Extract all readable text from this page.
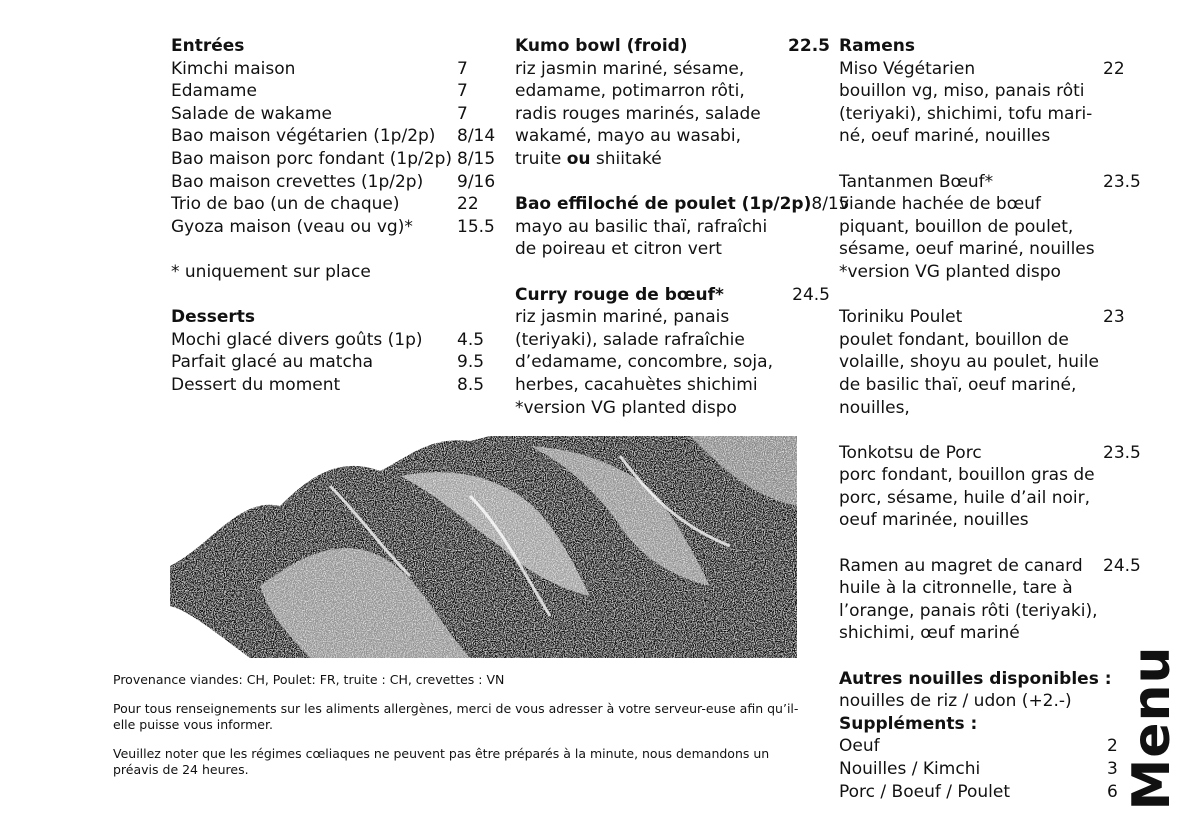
Entrées
Kimchi maison	7
Edamame	7
Salade de wakame	7
Bao maison végétarien (1p/2p)	8/14
Bao maison porc fondant (1p/2p) 8/15
Bao maison crevettes (1p/2p)	9/16
Trio de bao (un de chaque)	22
Gyoza maison (veau ou vg)*	15.5
* uniquement sur place
Desserts
Mochi glacé divers goûts (1p)	4.5
Parfait glacé au matcha	9.5
Dessert du moment	8.5
Kumo bowl (froid)	22.5
riz jasmin mariné, sésame,
edamame, potimarron rôti,
radis rouges marinés, salade
wakamé, mayo au wasabi,
truite ou shiitaké
Bao effiloché de poulet (1p/2p) 8/15
mayo au basilic thaï, rafraîchi
de poireau et citron vert
Curry rouge de bœuf*	24.5
riz jasmin mariné, panais
(teriyaki), salade rafraîchie
d’edamame, concombre, soja,
herbes, cacahuètes shichimi
*version VG planted dispo
Ramens
Miso Végétarien	22
bouillon vg, miso, panais rôti
(teriyaki), shichimi, tofu mari-
né, oeuf mariné, nouilles
Tantanmen Bœuf*	23.5
viande hachée de bœuf
piquant, bouillon de poulet,
sésame, oeuf mariné, nouilles
*version VG planted dispo
Toriniku Poulet	23
poulet fondant, bouillon de
volaille, shoyu au poulet, huile
de basilic thaï, oeuf mariné,
nouilles,
Tonkotsu de Porc	23.5
porc fondant, bouillon gras de
porc, sésame, huile d’ail noir,
oeuf marinée, nouilles
Ramen au magret de canard	24.5
huile à la citronnelle, tare à
l’orange, panais rôti (teriyaki),
shichimi, œuf mariné
Autres nouilles disponibles :
nouilles de riz / udon (+2.-)
Suppléments :
Oeuf	2
Nouilles / Kimchi	3
Porc / Boeuf / Poulet	6

Provenance viandes: CH, Poulet: FR, truite : CH, crevettes : VN

Pour tous renseignements sur les aliments allergènes, merci de vous adresser à votre serveur-euse afin qu’il-elle puisse vous informer.

Veuillez noter que les régimes cœliaques ne peuvent pas être préparés à la minute, nous demandons un préavis de 24 heures.	Menu
